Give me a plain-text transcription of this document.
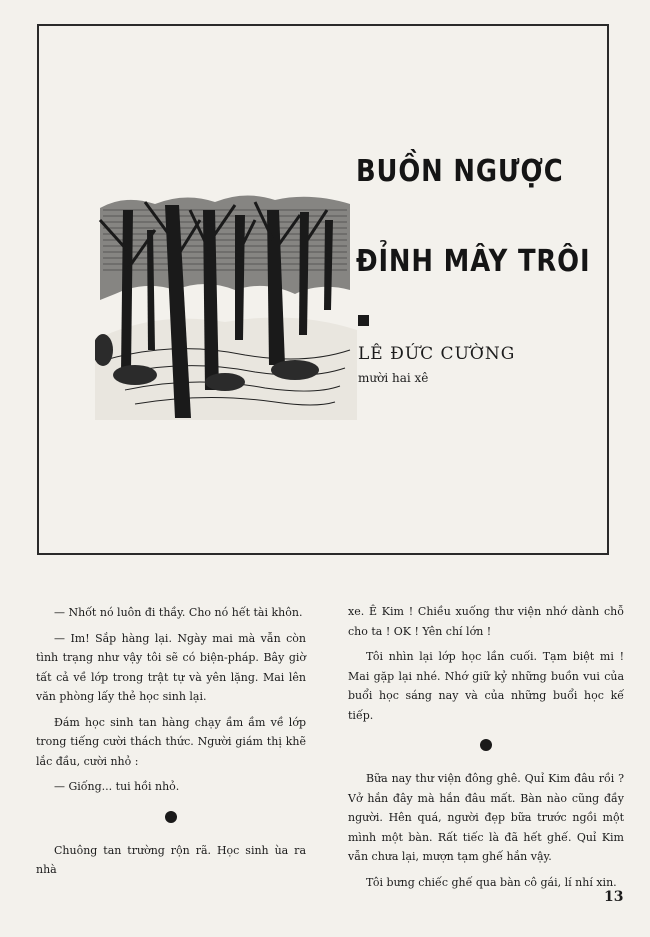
BUỒN NGƯỢC
ĐỈNH MÂY TRÔI
LÊ ĐỨC CƯỜNG
mười hai xê

— Nhốt nó luôn đi thầy. Cho nó hết tài khôn.

— Im! Sắp hàng lại. Ngày mai mà vẫn còn tình trạng như vậy tôi sẽ có biện-pháp. Bây giờ tất cả về lớp trong trật tự và yên lặng. Mai lên văn phòng lấy thẻ học sinh lại.

Đám học sinh tan hàng chạy ầm ầm về lớp trong tiếng cười thách thức. Người giám thị khẽ lắc đầu, cười nhỏ :

— Giống... tui hồi nhỏ.

Chuông tan trường rộn rã. Học sinh ùa ra nhà

xe. Ê Kim ! Chiều xuống thư viện nhớ dành chỗ cho ta ! OK ! Yên chí lớn !

Tôi nhìn lại lớp học lần cuối. Tạm biệt mi ! Mai gặp lại nhé. Nhớ giữ kỷ những buồn vui của buổi học sáng nay và của những buổi học kế tiếp.

Bữa nay thư viện đông ghê. Quỉ Kim đâu rồi ? Vở hắn đây mà hắn đâu mất. Bàn nào cũng đầy người. Hên quá, người đẹp bữa trước ngồi một mình một bàn. Rất tiếc là đã hết ghế. Quỉ Kim vẫn chưa lại, mượn tạm ghế hắn vậy.

Tôi bưng chiếc ghế qua bàn cô gái, lí nhí xin.

13
